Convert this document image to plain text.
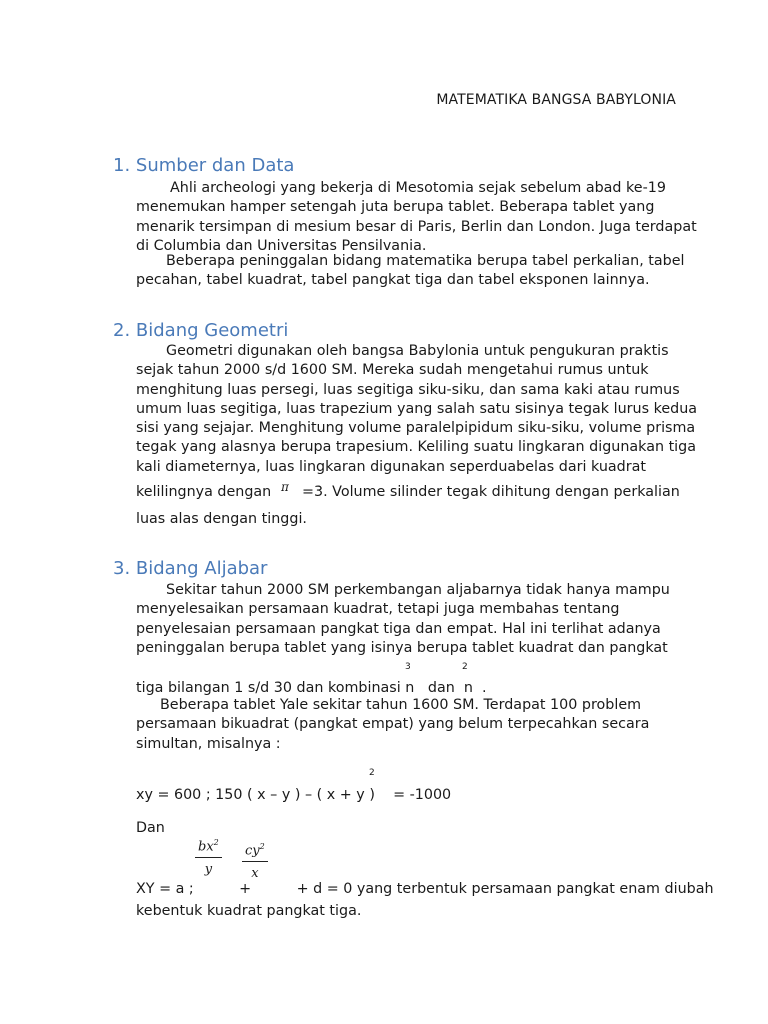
MATEMATIKA BANGSA BABYLONIA
1. Sumber dan Data
Ahli archeologi yang bekerja di Mesotomia sejak sebelum abad ke-19
menemukan hamper setengah juta berupa tablet. Beberapa tablet yang
menarik tersimpan di mesium besar di Paris, Berlin dan London. Juga terdapat
di Columbia dan Universitas Pensilvania.
Beberapa peninggalan bidang matematika berupa tabel perkalian, tabel
pecahan, tabel kuadrat, tabel pangkat tiga dan tabel eksponen lainnya.
2. Bidang Geometri
Geometri digunakan oleh bangsa Babylonia untuk pengukuran praktis
sejak tahun 2000 s/d 1600 SM. Mereka sudah mengetahui rumus untuk
menghitung luas persegi, luas segitiga siku-siku, dan sama kaki atau rumus
umum luas segitiga, luas trapezium yang salah satu sisinya tegak lurus kedua
sisi yang sejajar. Menghitung volume paralelpipidum siku-siku, volume prisma
tegak yang alasnya berupa trapesium. Keliling suatu lingkaran digunakan tiga
kali diameternya, luas lingkaran digunakan seperduabelas dari kuadrat
kelilingnya dengan π =3. Volume silinder tegak dihitung dengan perkalian
luas alas dengan tinggi.
3. Bidang Aljabar
Sekitar tahun 2000 SM perkembangan aljabarnya tidak hanya mampu
menyelesaikan persamaan kuadrat, tetapi juga membahas tentang
penyelesaian persamaan pangkat tiga dan empat. Hal ini terlihat adanya
peninggalan berupa tablet yang isinya berupa tablet kuadrat dan pangkat
3	2
tiga bilangan 1 s/d 30 dan kombinasi n   dan  n  .
Beberapa tablet Yale sekitar tahun 1600 SM. Terdapat 100 problem
persamaan bikuadrat (pangkat empat) yang belum terpecahkan secara
simultan, misalnya :
2
xy = 600 ; 150 ( x – y ) – ( x + y )    = -1000
Dan
$\frac{bx^2}{y} \frac{cy^2}{x}$
XY = a ;          +          + d = 0 yang terbentuk persamaan pangkat enam diubah
kebentuk kuadrat pangkat tiga.
